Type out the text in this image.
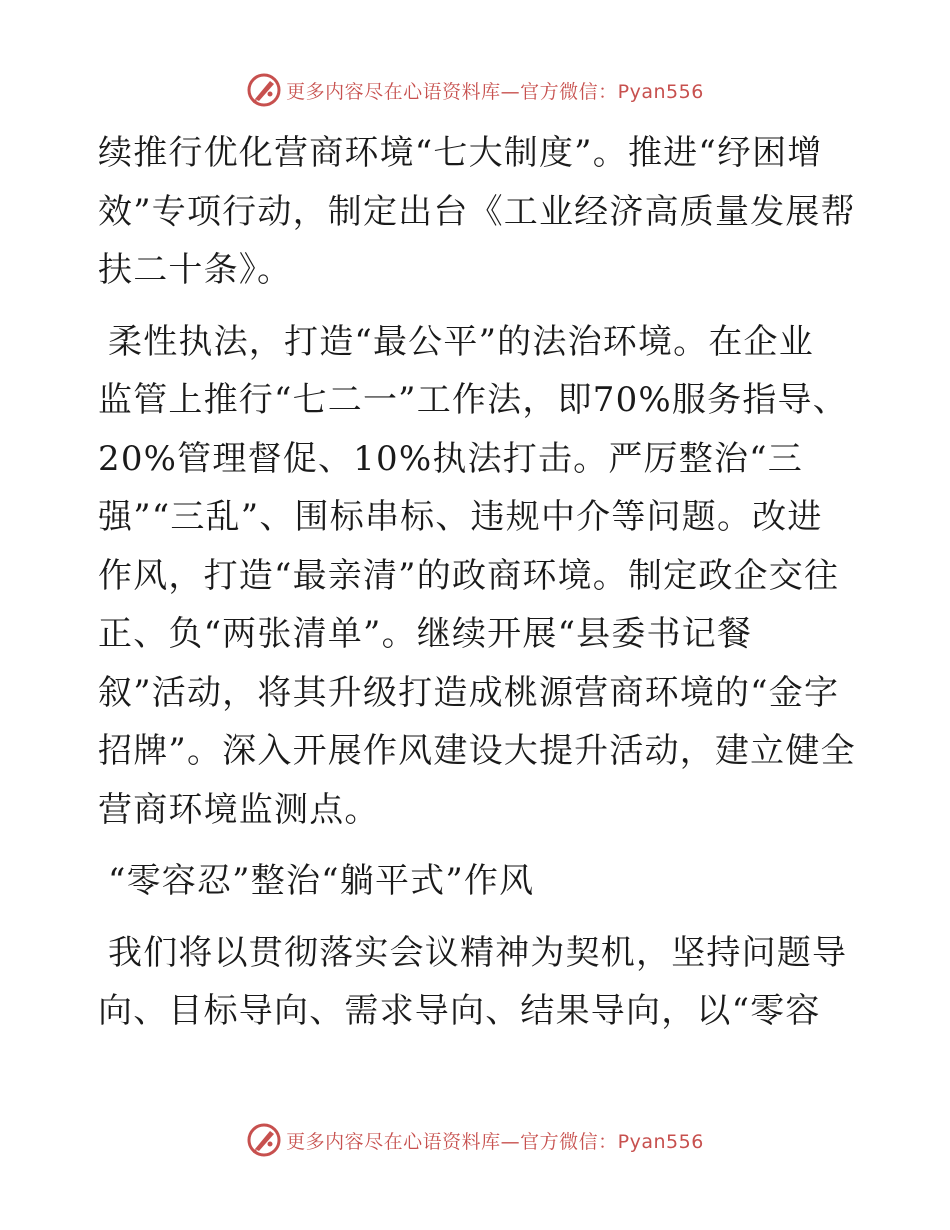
更多内容尽在心语资料库—官方微信：Pyan556

续推行优化营商环境“七大制度”。推进“纾困增
效”专项行动，制定出台《工业经济高质量发展帮
扶二十条》。

柔性执法，打造“最公平”的法治环境。在企业
监管上推行“七二一”工作法，即70%服务指导、
20%管理督促、10%执法打击。严厉整治“三
强”“三乱”、围标串标、违规中介等问题。改进
作风，打造“最亲清”的政商环境。制定政企交往
正、负“两张清单”。继续开展“县委书记餐
叙”活动，将其升级打造成桃源营商环境的“金字
招牌”。深入开展作风建设大提升活动，建立健全
营商环境监测点。

“零容忍”整治“躺平式”作风

我们将以贯彻落实会议精神为契机，坚持问题导
向、目标导向、需求导向、结果导向，以“零容

更多内容尽在心语资料库—官方微信：Pyan556
